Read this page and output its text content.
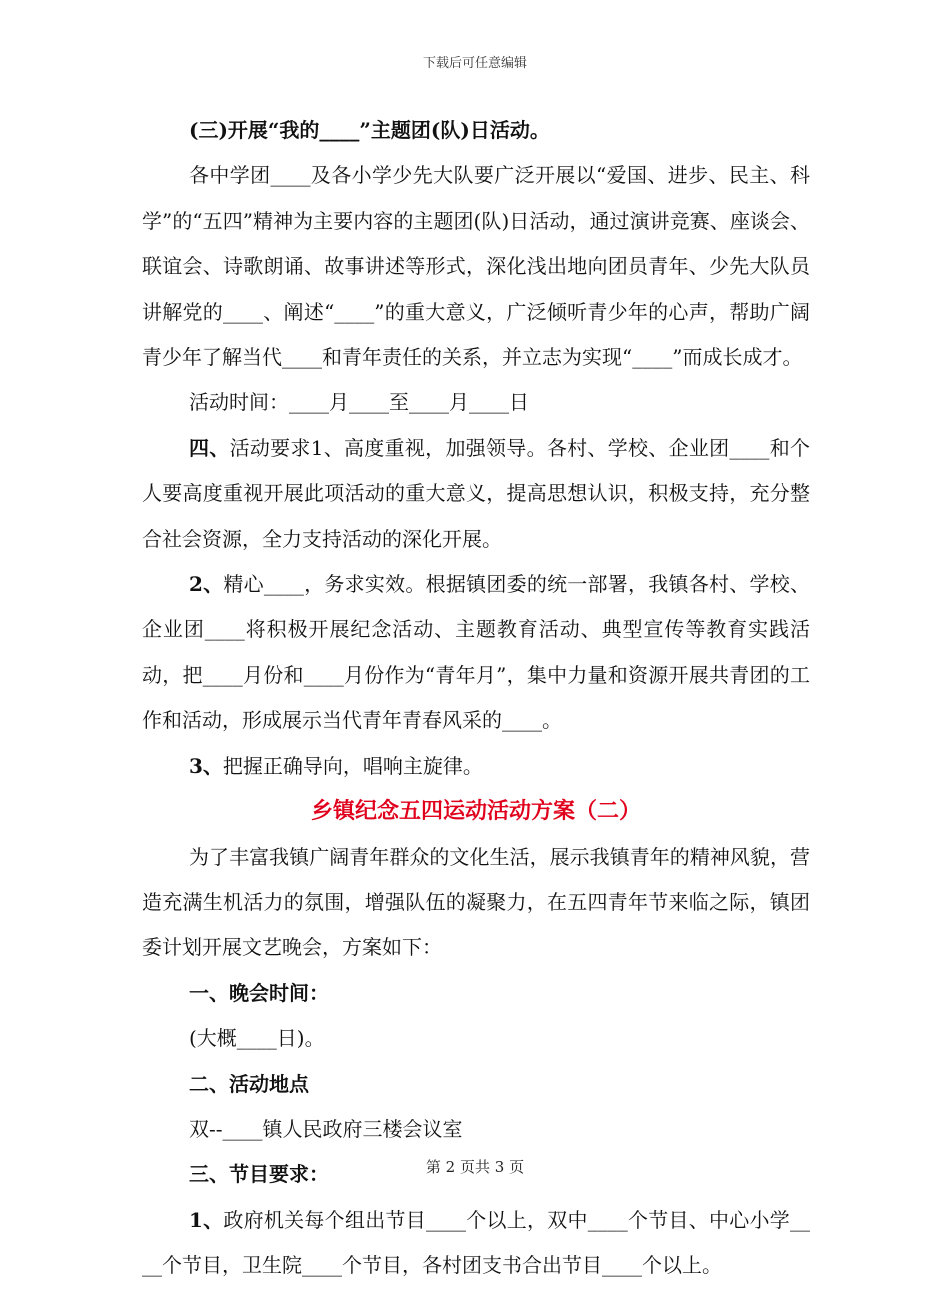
下载后可任意编辑

(三)开展“我的____”主题团(队)日活动。

各中学团____及各小学少先大队要广泛开展以“爱国、进步、民主、科学”的“五四”精神为主要内容的主题团(队)日活动，通过演讲竞赛、座谈会、联谊会、诗歌朗诵、故事讲述等形式，深化浅出地向团员青年、少先大队员讲解党的____、阐述“____”的重大意义，广泛倾听青少年的心声，帮助广阔青少年了解当代____和青年责任的关系，并立志为实现“____”而成长成才。

活动时间：____月____至____月____日

四、活动要求1、高度重视，加强领导。各村、学校、企业团____和个人要高度重视开展此项活动的重大意义，提高思想认识，积极支持，充分整合社会资源，全力支持活动的深化开展。

2、精心____，务求实效。根据镇团委的统一部署，我镇各村、学校、企业团____将积极开展纪念活动、主题教育活动、典型宣传等教育实践活动，把____月份和____月份作为“青年月”，集中力量和资源开展共青团的工作和活动，形成展示当代青年青春风采的____。

3、把握正确导向，唱响主旋律。

乡镇纪念五四运动活动方案（二）

为了丰富我镇广阔青年群众的文化生活，展示我镇青年的精神风貌，营造充满生机活力的氛围，增强队伍的凝聚力，在五四青年节来临之际，镇团委计划开展文艺晚会，方案如下：

一、晚会时间：

(大概____日)。

二、活动地点

双--____镇人民政府三楼会议室

三、节目要求：

1、政府机关每个组出节目____个以上，双中____个节目、中心小学____个节目，卫生院____个节目，各村团支书合出节目____个以上。

第 2 页共 3 页
